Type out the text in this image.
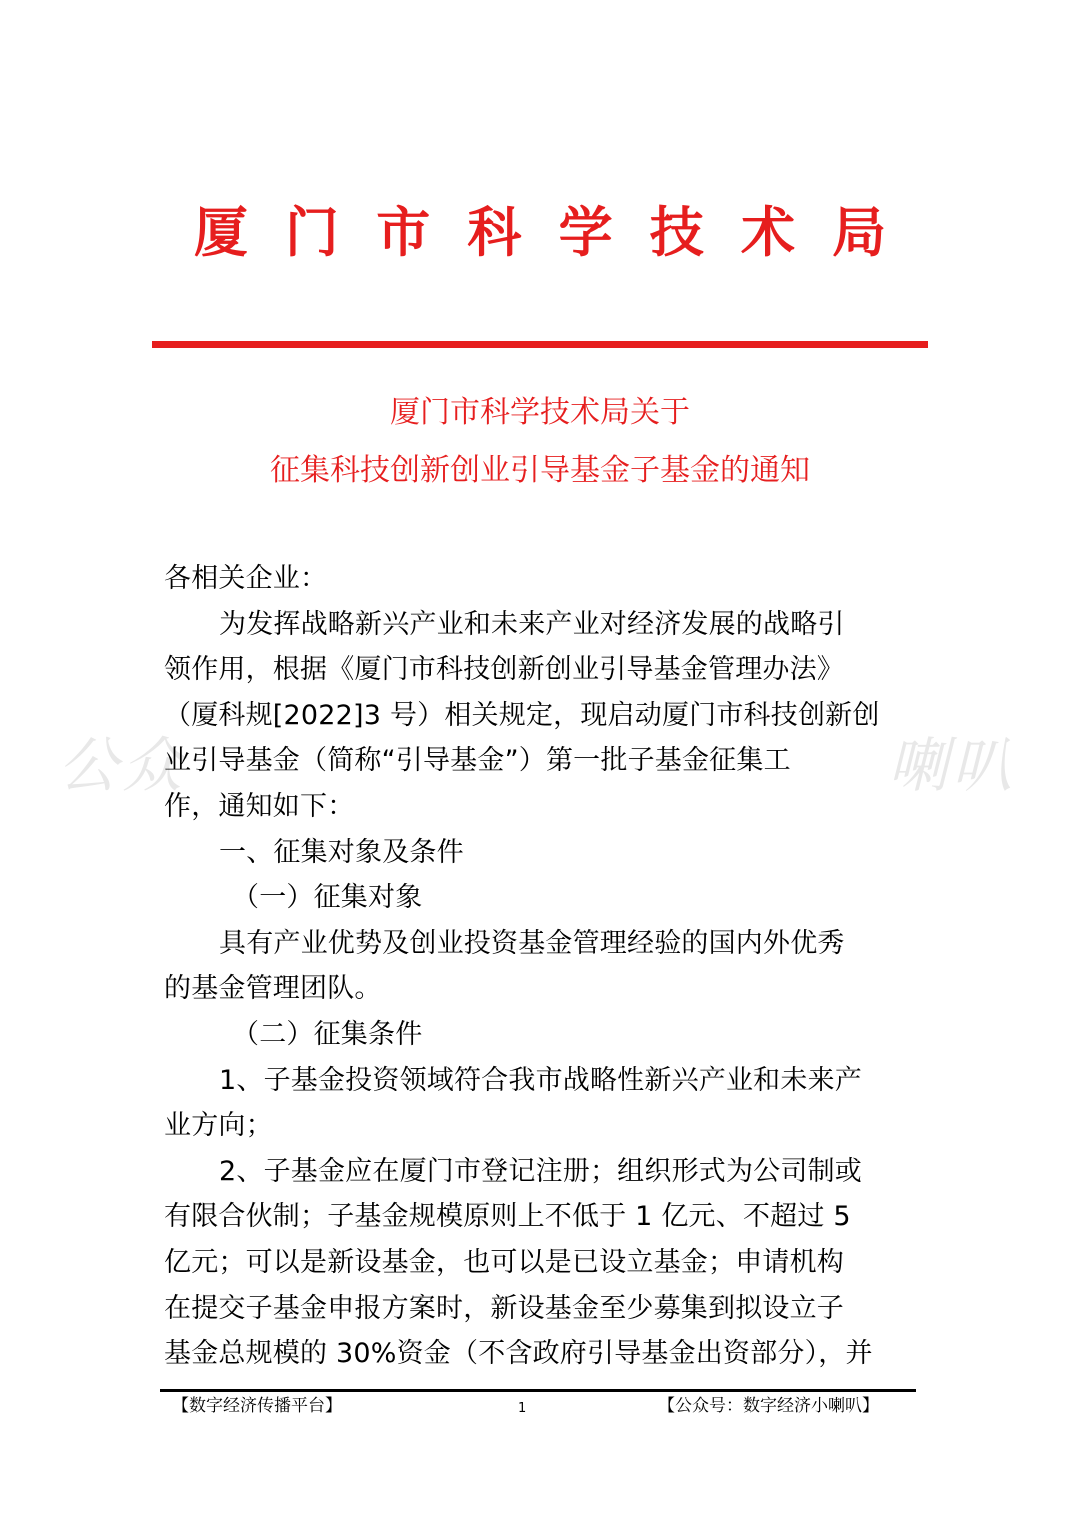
厦 门 市 科 学 技 术 局
厦门市科学技术局关于
征集科技创新创业引导基金子基金的通知
公众	喇叭
各相关企业：
为发挥战略新兴产业和未来产业对经济发展的战略引
领作用，根据《厦门市科技创新创业引导基金管理办法》
（厦科规[2022]3 号）相关规定，现启动厦门市科技创新创
业引导基金（简称“引导基金”）第一批子基金征集工
作，通知如下：
一、征集对象及条件
（一）征集对象
具有产业优势及创业投资基金管理经验的国内外优秀
的基金管理团队。
（二）征集条件
1、子基金投资领域符合我市战略性新兴产业和未来产
业方向；
2、子基金应在厦门市登记注册；组织形式为公司制或
有限合伙制；子基金规模原则上不低于 1 亿元、不超过 5
亿元；可以是新设基金，也可以是已设立基金；申请机构
在提交子基金申报方案时，新设基金至少募集到拟设立子
基金总规模的 30%资金（不含政府引导基金出资部分），并
【数字经济传播平台】	1	【公众号：数字经济小喇叭】
